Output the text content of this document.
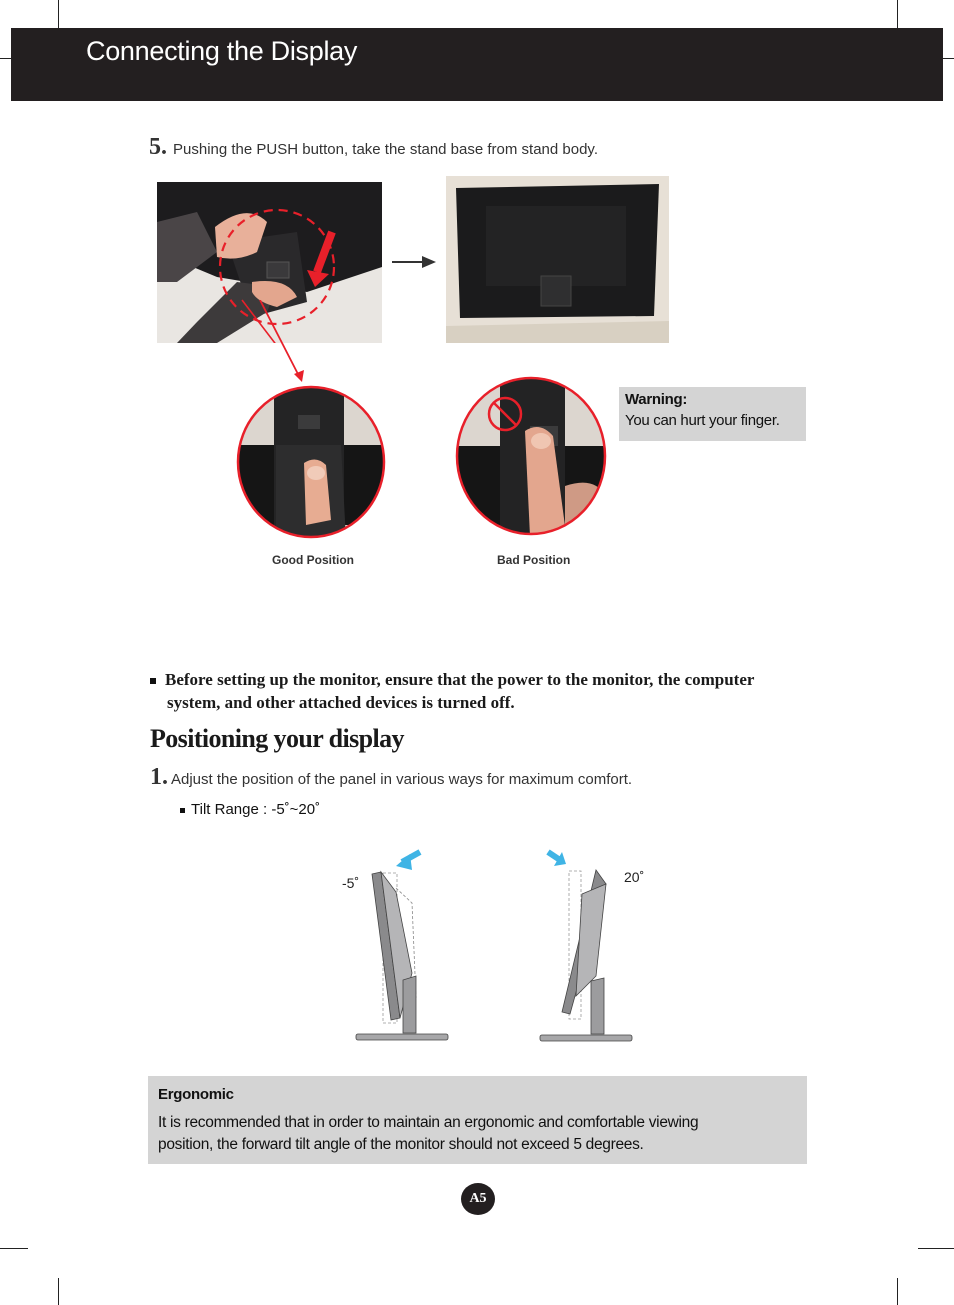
Connecting the Display
5. Pushing the PUSH button, take the stand base from stand body.
Good Position	Bad Position
Warning:
You can hurt your finger.
Before setting up the monitor, ensure that the power to the monitor, the computer
system, and other attached devices is turned off.
Positioning your display
1. Adjust the position of the panel in various ways for maximum comfort.
Tilt Range : -5˚~20˚
-5˚	20˚
Ergonomic
It is recommended that in order to maintain an ergonomic and comfortable viewing
position, the forward tilt angle of the monitor should not exceed 5 degrees.
A5
